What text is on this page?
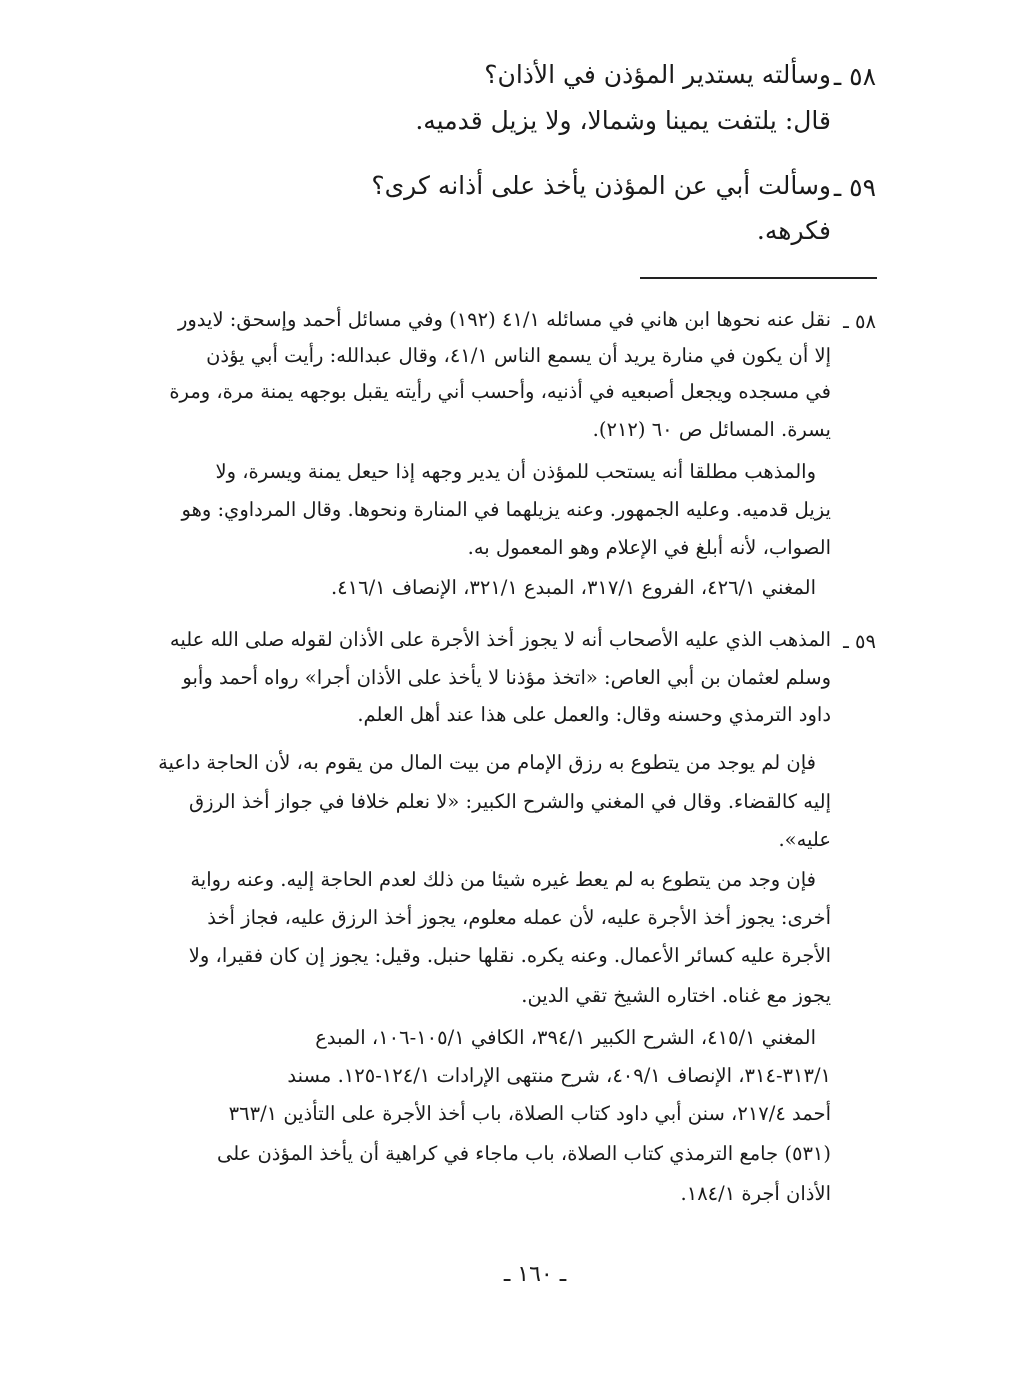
٥٨ ـ
وسألته يستدير المؤذن في الأذان؟
قال: يلتفت يمينا وشمالا، ولا يزيل قدميه.
٥٩ ـ
وسألت أبي عن المؤذن يأخذ على أذانه كرى؟
فكرهه.
٥٨ ـ
نقل عنه نحوها ابن هاني في مسائله ٤١/١ (١٩٢) وفي مسائل أحمد وإسحق: لايدور
إلا أن يكون في منارة يريد أن يسمع الناس ٤١/١، وقال عبدالله: رأيت أبي يؤذن
في مسجده ويجعل أصبعيه في أذنيه، وأحسب أني رأيته يقبل بوجهه يمنة مرة، ومرة
يسرة. المسائل ص ٦٠ (٢١٢).
والمذهب مطلقا أنه يستحب للمؤذن أن يدير وجهه إذا حيعل يمنة ويسرة، ولا
يزيل قدميه. وعليه الجمهور. وعنه يزيلهما في المنارة ونحوها. وقال المرداوي: وهو
الصواب، لأنه أبلغ في الإعلام وهو المعمول به.
المغني ٤٢٦/١، الفروع ٣١٧/١، المبدع ٣٢١/١، الإنصاف ٤١٦/١.
٥٩ ـ
المذهب الذي عليه الأصحاب أنه لا يجوز أخذ الأجرة على الأذان لقوله صلى الله عليه
وسلم لعثمان بن أبي العاص: «اتخذ مؤذنا لا يأخذ على الأذان أجرا» رواه أحمد وأبو
داود الترمذي وحسنه وقال: والعمل على هذا عند أهل العلم.
فإن لم يوجد من يتطوع به رزق الإمام من بيت المال من يقوم به، لأن الحاجة داعية
إليه كالقضاء. وقال في المغني والشرح الكبير: «لا نعلم خلافا في جواز أخذ الرزق
عليه».
فإن وجد من يتطوع به لم يعط غيره شيئا من ذلك لعدم الحاجة إليه. وعنه رواية
أخرى: يجوز أخذ الأجرة عليه، لأن عمله معلوم، يجوز أخذ الرزق عليه، فجاز أخذ
الأجرة عليه كسائر الأعمال. وعنه يكره. نقلها حنبل. وقيل: يجوز إن كان فقيرا، ولا
يجوز مع غناه. اختاره الشيخ تقي الدين.
المغني ٤١٥/١، الشرح الكبير ٣٩٤/١، الكافي ١٠٥/١-١٠٦، المبدع
٣١٣/١-٣١٤، الإنصاف ٤٠٩/١، شرح منتهى الإرادات ١٢٤/١-١٢٥. مسند
أحمد ٢١٧/٤، سنن أبي داود كتاب الصلاة، باب أخذ الأجرة على التأذين ٣٦٣/١
(٥٣١) جامع الترمذي كتاب الصلاة، باب ماجاء في كراهية أن يأخذ المؤذن على
الأذان أجرة ١٨٤/١.
ـ ١٦٠ ـ
